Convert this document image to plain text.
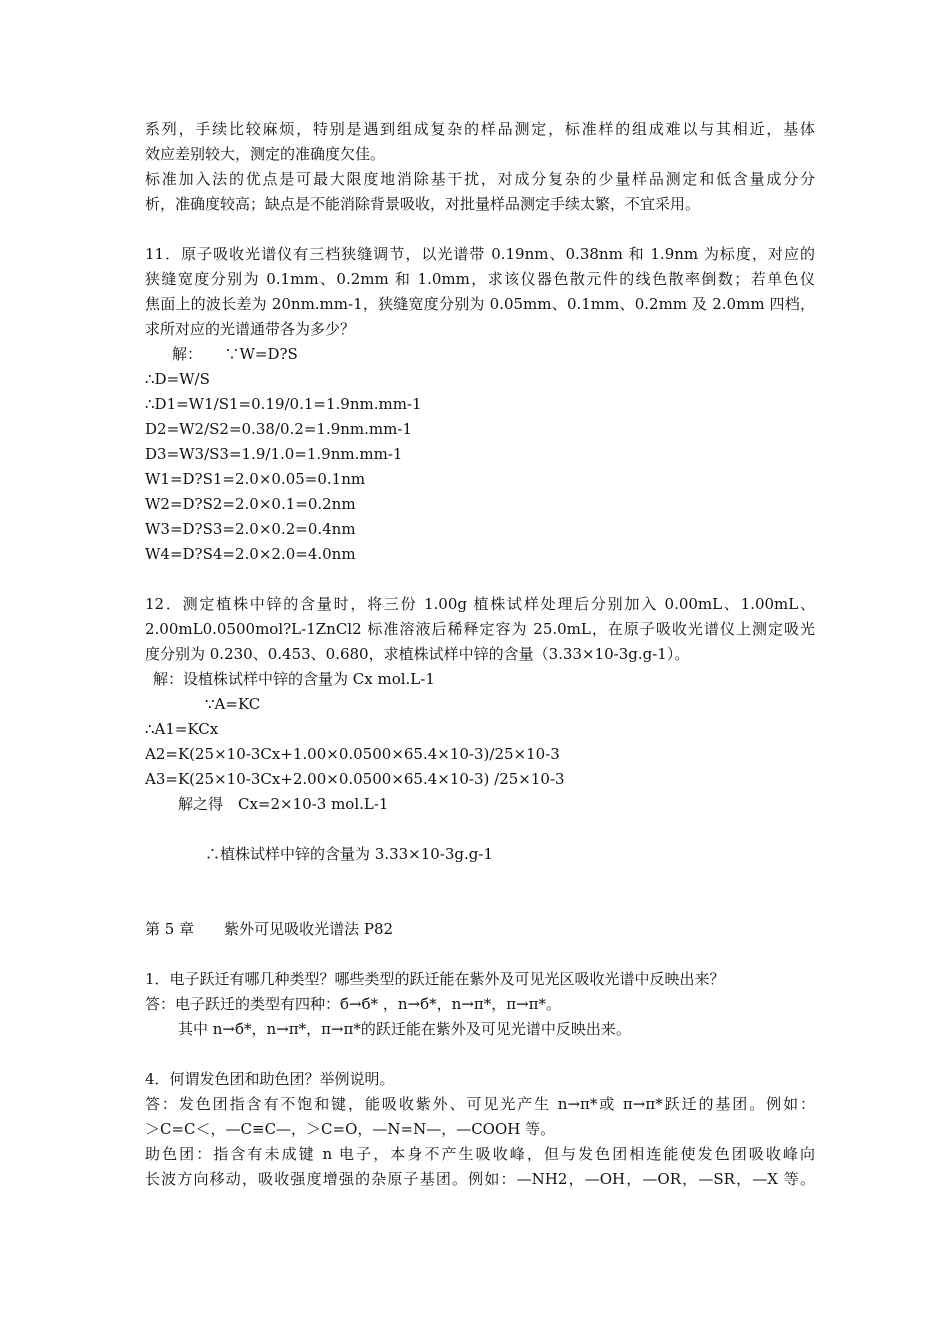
系列，手续比较麻烦，特别是遇到组成复杂的样品测定，标准样的组成难以与其相近，基体
效应差别较大，测定的准确度欠佳。
标准加入法的优点是可最大限度地消除基干扰，对成分复杂的少量样品测定和低含量成分分
析，准确度较高；缺点是不能消除背景吸收，对批量样品测定手续太繁，不宜采用。
11．原子吸收光谱仪有三档狭缝调节，以光谱带 0.19nm、0.38nm 和 1.9nm 为标度，对应的
狭缝宽度分别为 0.1mm、0.2mm 和 1.0mm，求该仪器色散元件的线色散率倒数；若单色仪
焦面上的波长差为 20nm.mm-1，狭缝宽度分别为 0.05mm、0.1mm、0.2mm 及 2.0mm 四档，
求所对应的光谱通带各为多少？
解：　　∵W=D?S
∴D=W/S
∴D1=W1/S1=0.19/0.1=1.9nm.mm-1
D2=W2/S2=0.38/0.2=1.9nm.mm-1
D3=W3/S3=1.9/1.0=1.9nm.mm-1
W1=D?S1=2.0×0.05=0.1nm
W2=D?S2=2.0×0.1=0.2nm
W3=D?S3=2.0×0.2=0.4nm
W4=D?S4=2.0×2.0=4.0nm
12．测定植株中锌的含量时，将三份 1.00g 植株试样处理后分别加入 0.00mL、1.00mL、
2.00mL0.0500mol?L-1ZnCl2 标准溶液后稀释定容为 25.0mL，在原子吸收光谱仪上测定吸光
度分别为 0.230、0.453、0.680，求植株试样中锌的含量（3.33×10-3g.g-1）。
解：设植株试样中锌的含量为 Cx mol.L-1
∵A=KC
∴A1=KCx
A2=K(25×10-3Cx+1.00×0.0500×65.4×10-3)/25×10-3
A3=K(25×10-3Cx+2.00×0.0500×65.4×10-3) /25×10-3
解之得　Cx=2×10-3 mol.L-1
∴植株试样中锌的含量为 3.33×10-3g.g-1
第 5 章　　紫外可见吸收光谱法 P82
1．电子跃迁有哪几种类型？哪些类型的跃迁能在紫外及可见光区吸收光谱中反映出来？
答：电子跃迁的类型有四种：б→б* ，n→б*，n→π*，π→π*。
其中 n→б*，n→π*，π→π*的跃迁能在紫外及可见光谱中反映出来。
4．何谓发色团和助色团？举例说明。
答：发色团指含有不饱和键，能吸收紫外、可见光产生 n→π*或 π→π*跃迁的基团。例如：
＞C=C＜，—C≡C—，＞C=O，—N=N—，—COOH 等。
助色团：指含有未成键 n 电子，本身不产生吸收峰，但与发色团相连能使发色团吸收峰向
长波方向移动，吸收强度增强的杂原子基团。例如：—NH2，—OH，—OR，—SR，—X 等。
